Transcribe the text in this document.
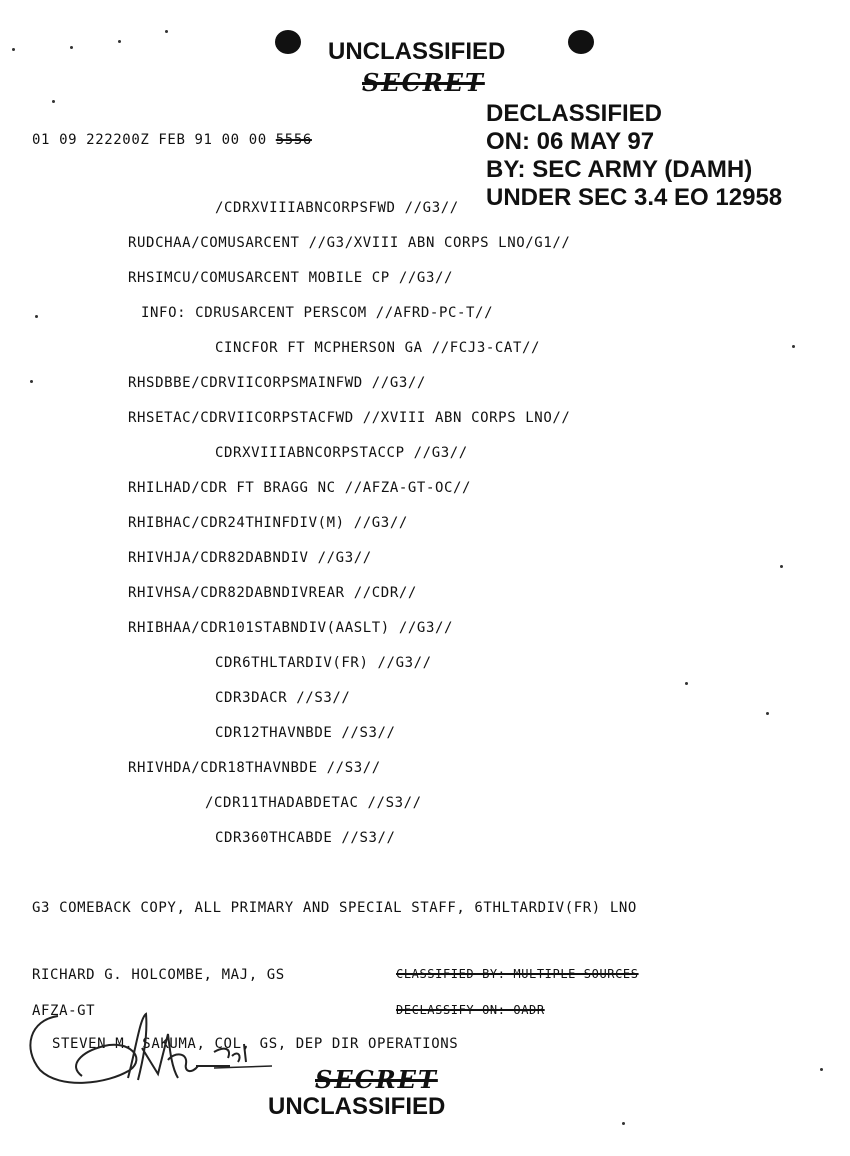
UNCLASSIFIED
SECRET
01 09 222200Z FEB 91 00 00 5556
DECLASSIFIED
ON: 06 MAY 97
BY: SEC ARMY (DAMH)
UNDER SEC 3.4 EO 12958
/CDRXVIIIABNCORPSFWD //G3//
RUDCHAA/COMUSARCENT //G3/XVIII ABN CORPS LNO/G1//
RHSIMCU/COMUSARCENT MOBILE CP //G3//
INFO: CDRUSARCENT PERSCOM //AFRD-PC-T//
CINCFOR FT MCPHERSON GA //FCJ3-CAT//
RHSDBBE/CDRVIICORPSMAINFWD //G3//
RHSETAC/CDRVIICORPSTACFWD //XVIII ABN CORPS LNO//
CDRXVIIIABNCORPSTACCP //G3//
RHILHAD/CDR FT BRAGG NC //AFZA-GT-OC//
RHIBHAC/CDR24THINFDIV(M) //G3//
RHIVHJA/CDR82DABNDIV //G3//
RHIVHSA/CDR82DABNDIVREAR //CDR//
RHIBHAA/CDR101STABNDIV(AASLT) //G3//
CDR6THLTARDIV(FR) //G3//
CDR3DACR //S3//
CDR12THAVNBDE //S3//
RHIVHDA/CDR18THAVNBDE //S3//
/CDR11THADABDETAC //S3//
CDR360THCABDE //S3//
G3 COMEBACK COPY, ALL PRIMARY AND SPECIAL STAFF, 6THLTARDIV(FR) LNO
RICHARD G. HOLCOMBE, MAJ, GS	CLASSIFIED BY: MULTIPLE SOURCES
AFZA-GT	DECLASSIFY ON: OADR
STEVEN M. SAKUMA, COL, GS, DEP DIR OPERATIONS
SECRET
UNCLASSIFIED
